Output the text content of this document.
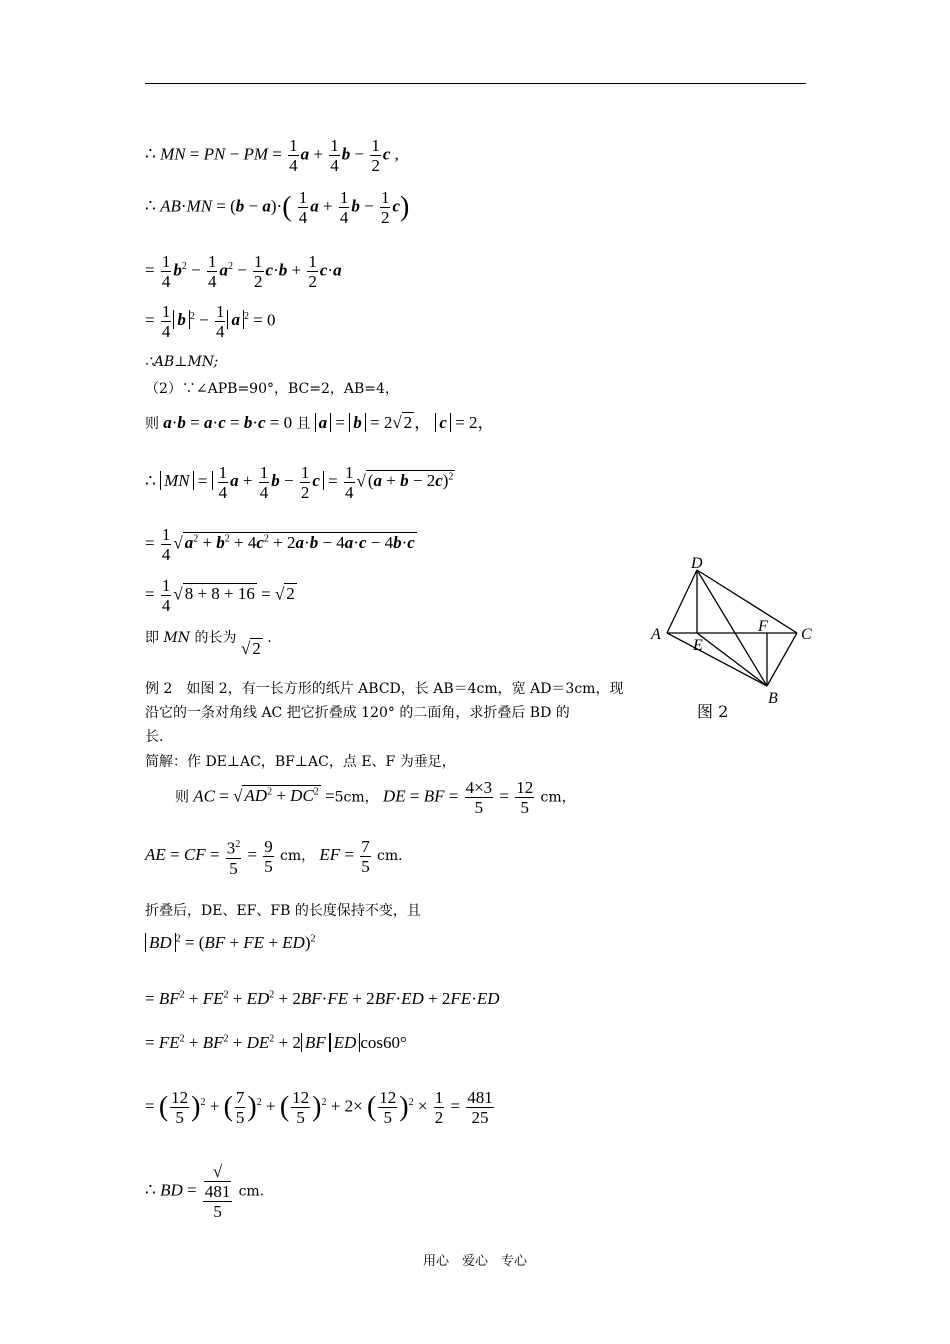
∴ MN = PN − PM = $\frac{1}{4}$ $a + \frac{1}{4}$ $b - \frac{1}{2}$ c ,
∴ $AB\cdot MN = (b - a)\cdot( \frac{1}{4}$ $a + \frac{1}{4}$ $b - \frac{1}{2} c$)
= $\frac{1}{4} b^2 - \frac{1}{4} a^2 - \frac{1}{2} c\cdot b + \frac{1}{2} c\cdot a$
= $\frac{1}{4}$ b $^2 - \frac{1}{4}$ a $^2$ = 0
∴AB⊥MN;
（2）∵∠APB=90°，BC=2，AB=4，
则 a·b = a·c = b·c = 0 且 a = b = 2√ 2 ， c = 2，
∴ MN = $\frac{1}{4}$ $a + \frac{1}{4}$ $b - \frac{1}{2}$ $c = \frac{1}{4}$ √ $(a + b - 2c)^2$
= $\frac{1}{4}$ √ $a^2 + b^2 + 4c^2 + 2a\cdot b - 4a\cdot c - 4b\cdot c$
= $\frac{1}{4}$ √ 8 + 8 + 16 = √ 2
即 MN 的长为 √ 2 .
例 2　如图 2，有一长方形的纸片 ABCD，长 AB＝4cm，宽 AD＝3cm，现
沿它的一条对角线 AC 把它折叠成 120° 的二面角，求折叠后 BD 的
长.
简解：作 DE⊥AC，BF⊥AC，点 E、F 为垂足，
则 AC = √ $AD^2 + DC^2 =5cm$， DE = BF = $\frac{4\times 3}{5} = \frac{12}{5}$ cm，
AE = CF = $\frac{3^2}{5} = \frac{9}{5}$ cm， EF = $\frac{7}{5}$ cm.
折叠后，DE、EF、FB 的长度保持不变，且
BD $^2$ = (BF + FE + ED)$^2$
= $BF^2 + FE^2 + ED^2 + 2BF\cdot FE + 2BF\cdot ED + 2FE\cdot ED$
= $FE^2 + BF^2 + DE^2 + 2$ BF ED cos60°
= ( $\frac{12}{5} )^2$ + ( $\frac{7}{5} )^2$ + ( $\frac{12}{5} )^2 + 2\times$ ( $\frac{12}{5} )^2 \times \frac{1}{2} = \frac{481}{25}$
∴ BD = √
481
5 cm.
D
A
E
F C
B
图 2
用心　爱心　专心
